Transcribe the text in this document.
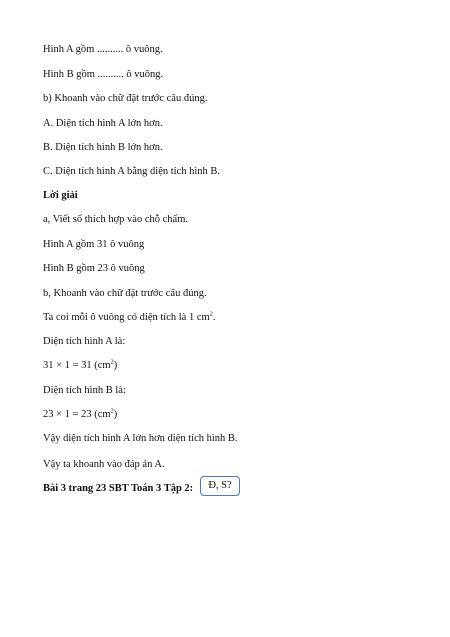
Hình A gồm .......... ô vuông.
Hình B gồm .......... ô vuông.
b) Khoanh vào chữ đặt trước câu đúng.
A. Diện tích hình A lớn hơn.
B. Diện tích hình B lớn hơn.
C. Diện tích hình A bằng diện tích hình B.
Lời giải
a, Viết số thích hợp vào chỗ chấm.
Hình A gồm 31 ô vuông
Hình B gồm 23 ô vuông
b, Khoanh vào chữ đặt trước câu đúng.
Ta coi mỗi ô vuông có diện tích là 1 $cm^2$.
Diện tích hình A là:
31 × 1 = 31 $(cm^2)$
Diện tích hình B là:
23 × 1 = 23 $(cm^2)$
Vậy diện tích hình A lớn hơn diện tích hình B.
Vậy ta khoanh vào đáp án A.
Bài 3 trang 23 SBT Toán 3 Tập 2:	Đ, S?
